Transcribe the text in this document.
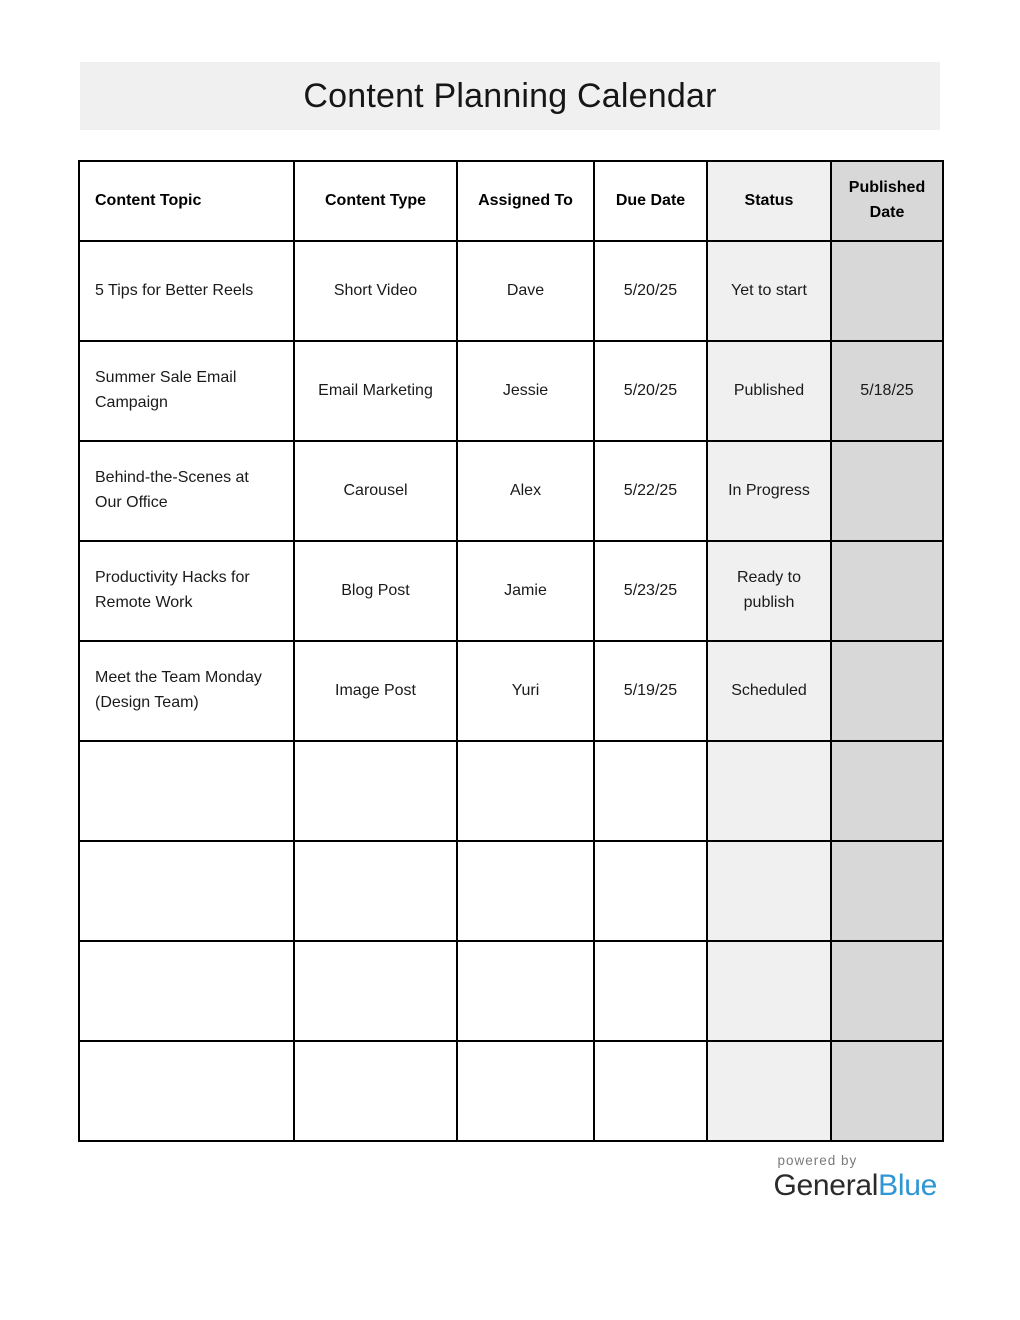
Content Planning Calendar
Content Topic	Content Type	Assigned To	Due Date	Status	Published Date
5 Tips for Better Reels	Short Video	Dave	5/20/25	Yet to start	
Summer Sale Email Campaign	Email Marketing	Jessie	5/20/25	Published	5/18/25
Behind-the-Scenes at Our Office	Carousel	Alex	5/22/25	In Progress	
Productivity Hacks for Remote Work	Blog Post	Jamie	5/23/25	Ready to publish	
Meet the Team Monday (Design Team)	Image Post	Yuri	5/19/25	Scheduled	

powered by
GeneralBlue
